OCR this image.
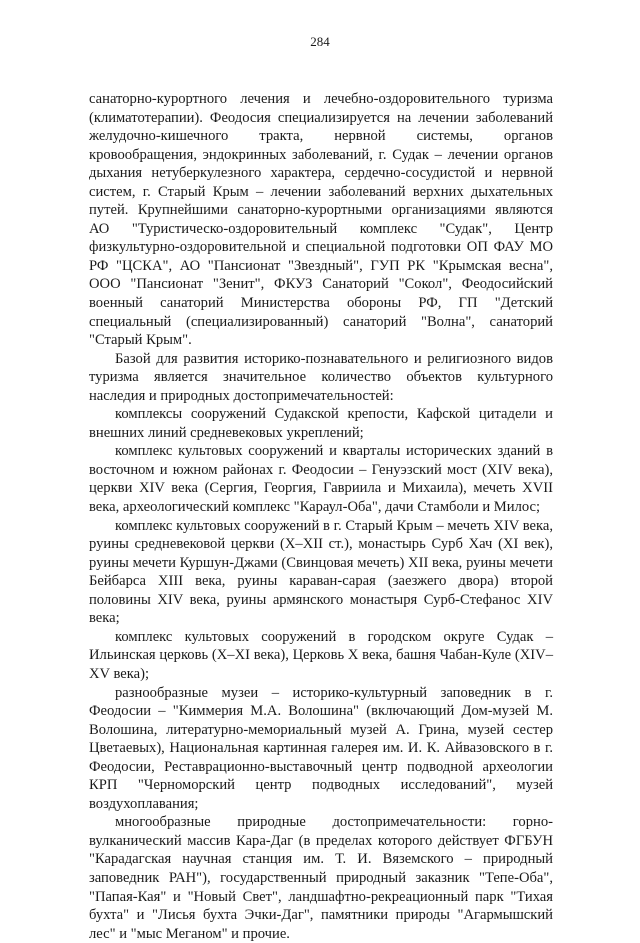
284

санаторно-курортного лечения и лечебно-оздоровительного туризма (климатотерапии). Феодосия специализируется на лечении заболеваний желудочно-кишечного тракта, нервной системы, органов кровообращения, эндокринных заболеваний, г. Судак – лечении органов дыхания нетуберкулезного характера, сердечно-сосудистой и нервной систем, г. Старый Крым – лечении заболеваний верхних дыхательных путей. Крупнейшими санаторно-курортными организациями являются АО "Туристическо-оздоровительный комплекс "Судак", Центр физкультурно-оздоровительной и специальной подготовки ОП ФАУ МО РФ "ЦСКА", АО "Пансионат "Звездный", ГУП РК "Крымская весна", ООО "Пансионат "Зенит", ФКУЗ Санаторий "Сокол", Феодосийский военный санаторий Министерства обороны РФ, ГП "Детский специальный (специализированный) санаторий "Волна", санаторий "Старый Крым".

Базой для развития историко-познавательного и религиозного видов туризма является значительное количество объектов культурного наследия и природных достопримечательностей:

комплексы сооружений Судакской крепости, Кафской цитадели и внешних линий средневековых укреплений;

комплекс культовых сооружений и кварталы исторических зданий в восточном и южном районах г. Феодосии – Генуэзский мост (XIV века), церкви XIV века (Сергия, Георгия, Гавриила и Михаила), мечеть XVII века, археологический комплекс "Караул-Оба", дачи Стамболи и Милос;

комплекс культовых сооружений в г. Старый Крым – мечеть XIV века, руины средневековой церкви (X–XII ст.), монастырь Сурб Хач (XI век), руины мечети Куршун-Джами (Свинцовая мечеть) XII века, руины мечети Бейбарса XIII века, руины караван-сарая (заезжего двора) второй половины XIV века, руины армянского монастыря Сурб-Стефанос XIV века;

комплекс культовых сооружений в городском округе Судак – Ильинская церковь (X–XI века), Церковь X века, башня Чабан-Куле (XIV–XV века);

разнообразные музеи – историко-культурный заповедник в г. Феодосии – "Киммерия М.А. Волошина" (включающий Дом-музей М. Волошина, литературно-мемориальный музей А. Грина, музей сестер Цветаевых), Национальная картинная галерея им. И. К. Айвазовского в г. Феодосии, Реставрационно-выставочный центр подводной археологии КРП "Черноморский центр подводных исследований", музей воздухоплавания;

многообразные природные достопримечательности: горно-вулканический массив Кара-Даг (в пределах которого действует ФГБУН "Карадагская научная станция им. Т. И. Вяземского – природный заповедник РАН"), государственный природный заказник "Тепе-Оба", "Папая-Кая" и "Новый Свет", ландшафтно-рекреационный парк "Тихая бухта" и "Лисья бухта Эчки-Даг", памятники природы "Агармышский лес" и "мыс Меганом" и прочие.
